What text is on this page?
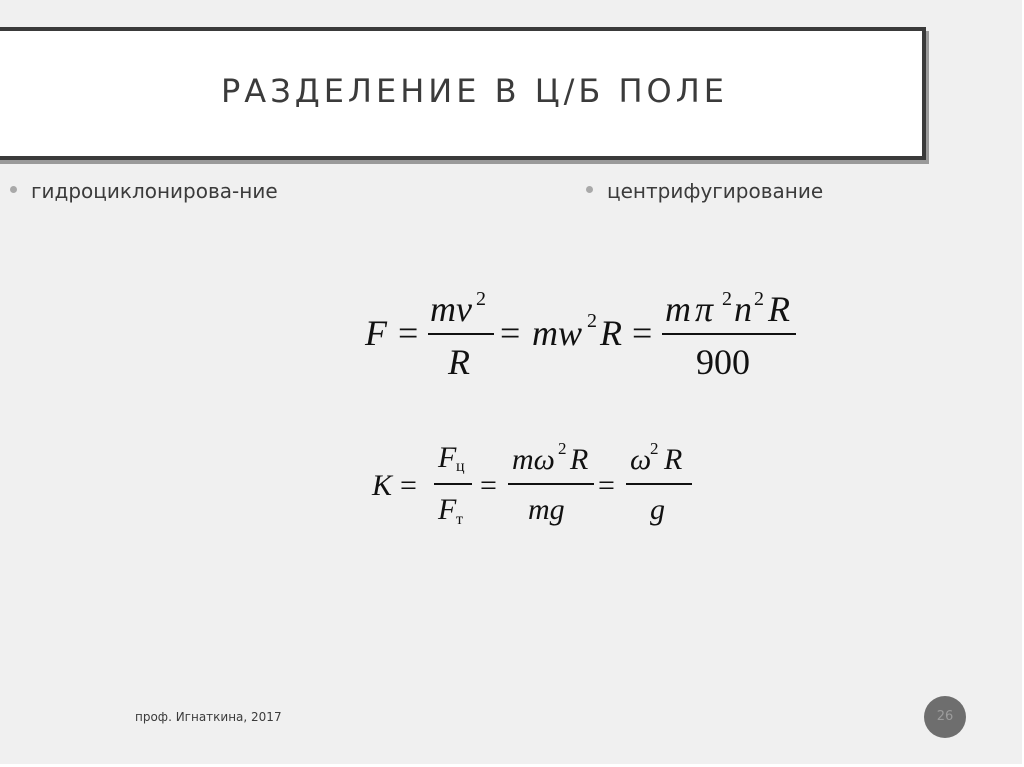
РАЗДЕЛЕНИЕ В Ц/Б ПОЛЕ
гидроциклонирова-ние	центрифугирование
F =
mv 2
R
= mw 2 R =
m π 2 n 2 R
900
K =
F ц
F т
=
mω 2 R
mg
=
ω
2 R
g
проф. Игнаткина, 2017	26
